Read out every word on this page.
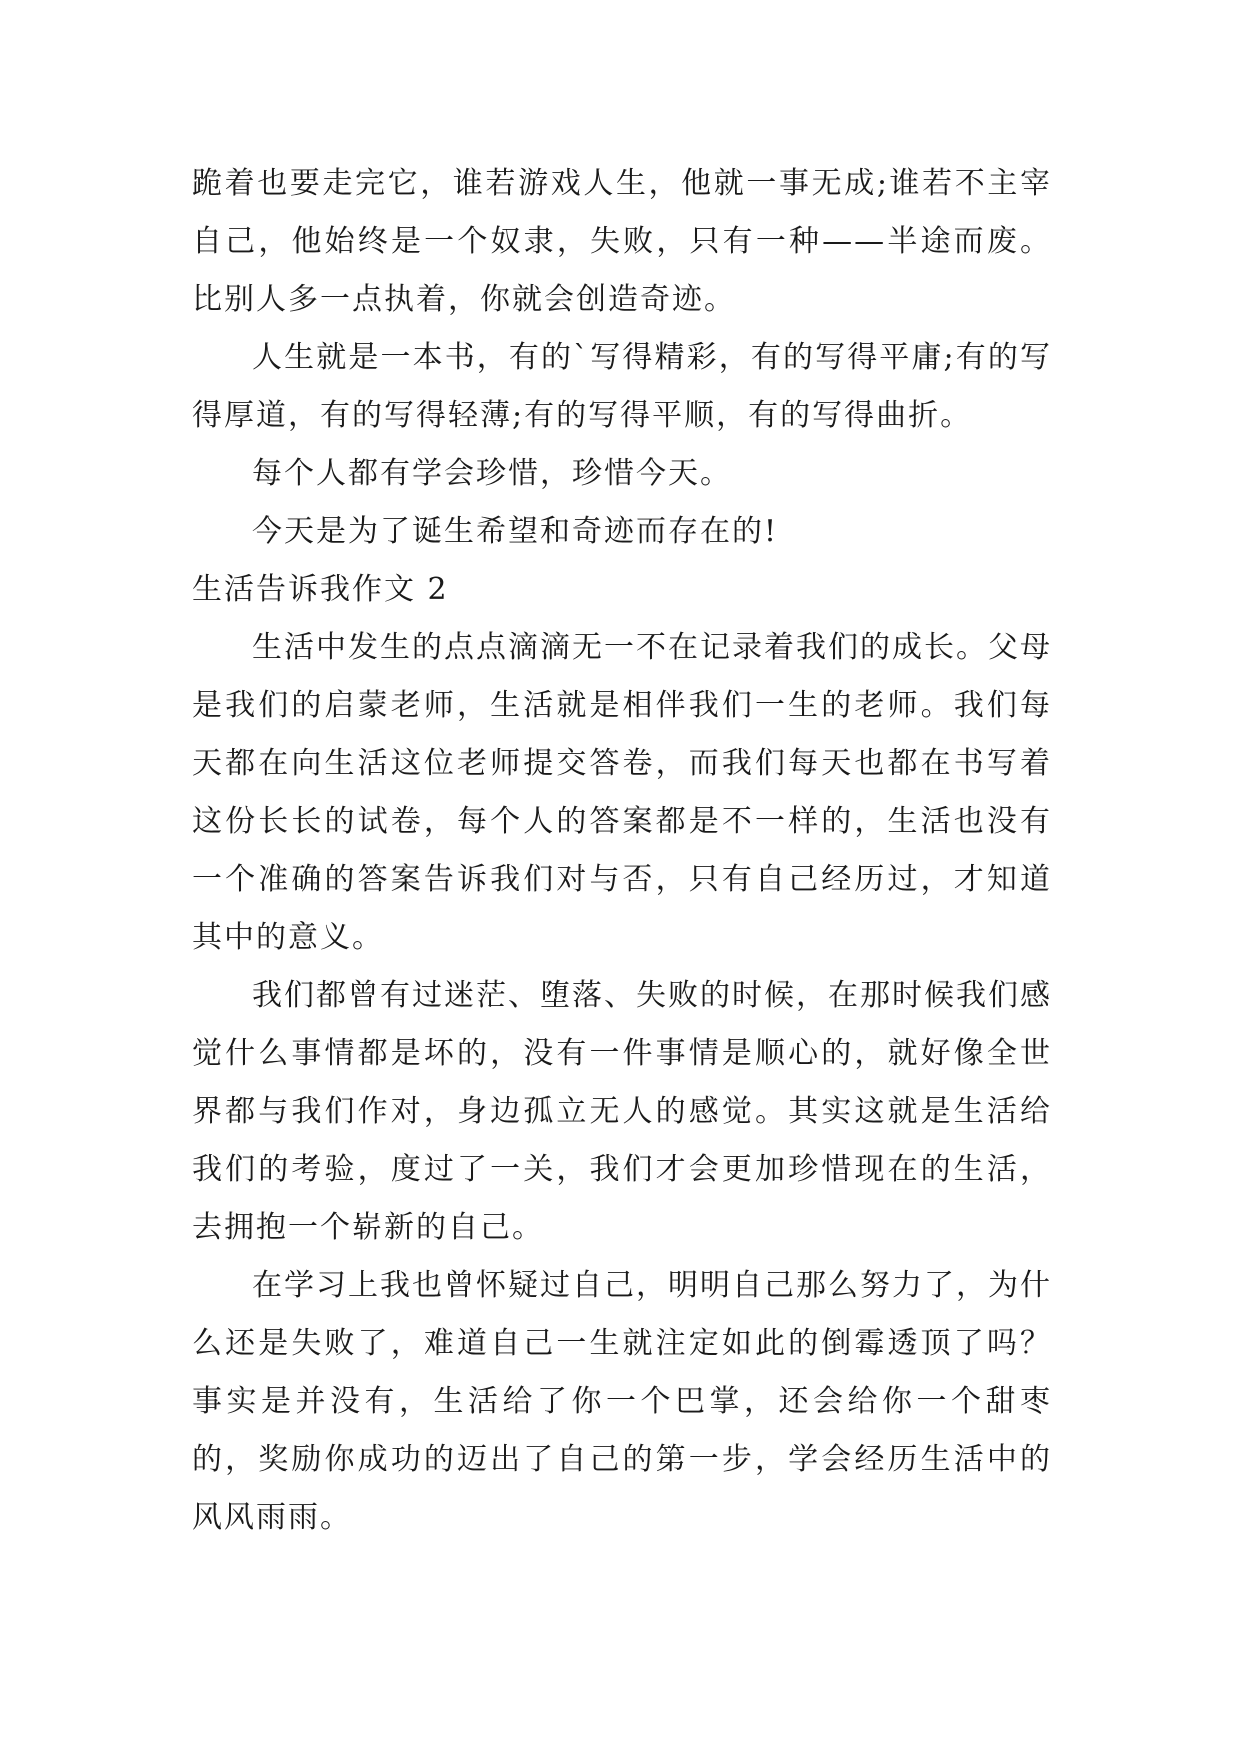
跪着也要走完它，谁若游戏人生，他就一事无成;谁若不主宰自己，他始终是一个奴隶，失败，只有一种——半途而废。比别人多一点执着，你就会创造奇迹。

人生就是一本书，有的`写得精彩，有的写得平庸;有的写得厚道，有的写得轻薄;有的写得平顺，有的写得曲折。

每个人都有学会珍惜，珍惜今天。

今天是为了诞生希望和奇迹而存在的!

生活告诉我作文 2

生活中发生的点点滴滴无一不在记录着我们的成长。父母是我们的启蒙老师，生活就是相伴我们一生的老师。我们每天都在向生活这位老师提交答卷，而我们每天也都在书写着这份长长的试卷，每个人的答案都是不一样的，生活也没有一个准确的答案告诉我们对与否，只有自己经历过，才知道其中的意义。

我们都曾有过迷茫、堕落、失败的时候，在那时候我们感觉什么事情都是坏的，没有一件事情是顺心的，就好像全世界都与我们作对，身边孤立无人的感觉。其实这就是生活给我们的考验，度过了一关，我们才会更加珍惜现在的生活，去拥抱一个崭新的自己。

在学习上我也曾怀疑过自己，明明自己那么努力了，为什么还是失败了，难道自己一生就注定如此的倒霉透顶了吗？事实是并没有，生活给了你一个巴掌，还会给你一个甜枣的，奖励你成功的迈出了自己的第一步，学会经历生活中的风风雨雨。
